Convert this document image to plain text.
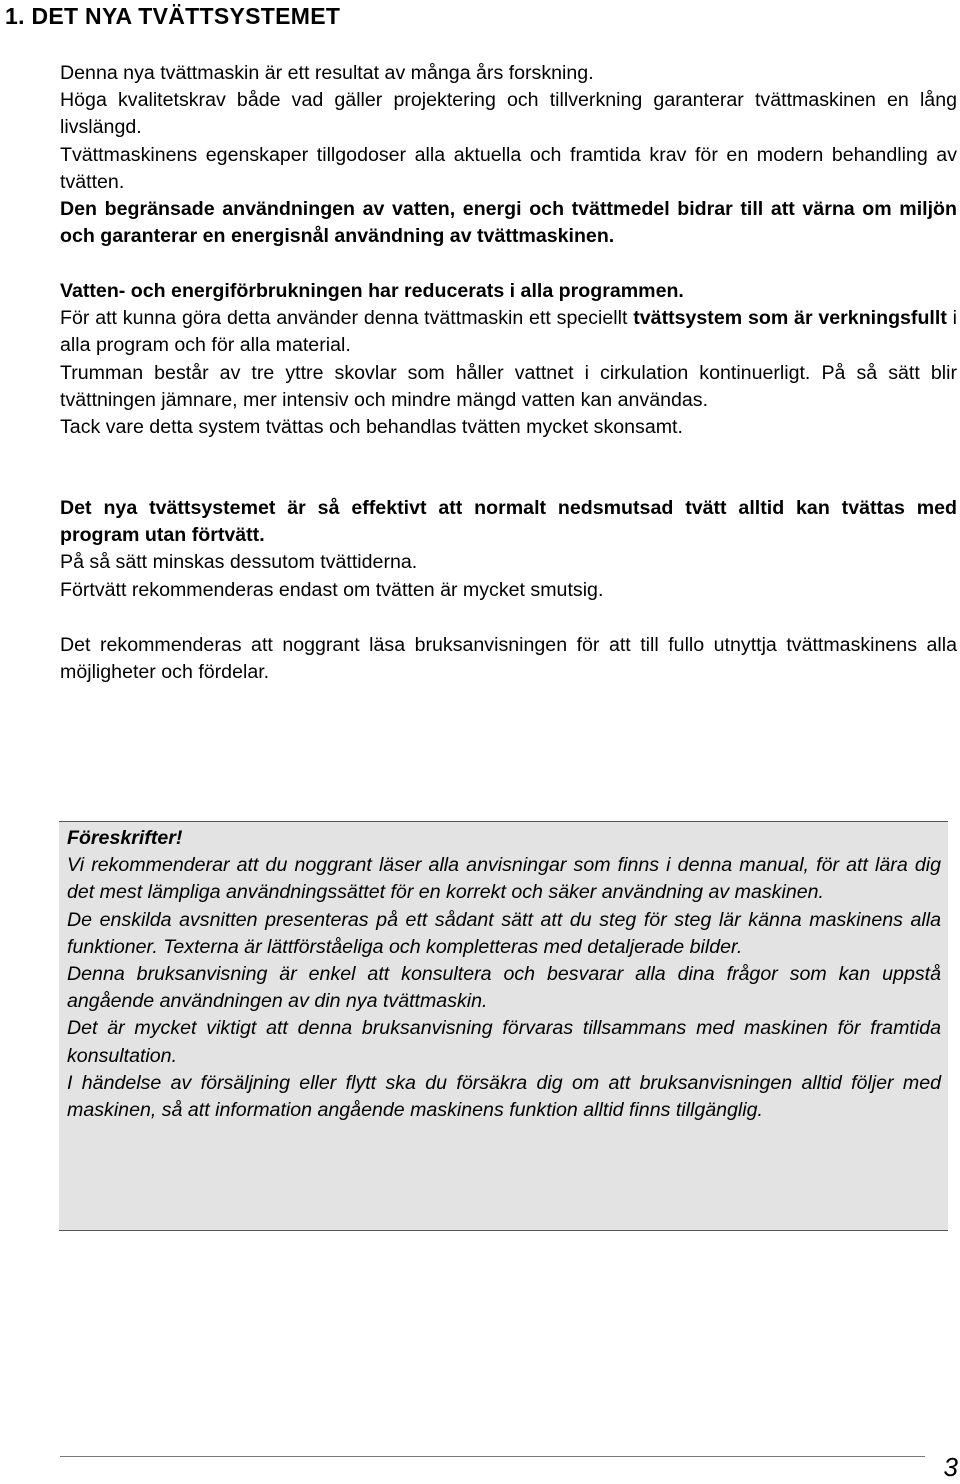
1. DET NYA TVÄTTSYSTEMET

Denna nya tvättmaskin är ett resultat av många års forskning.

Höga kvalitetskrav både vad gäller projektering och tillverkning garanterar tvättmaskinen en lång livslängd.

Tvättmaskinens egenskaper tillgodoser alla aktuella och framtida krav för en modern behandling av tvätten.

Den begränsade användningen av vatten, energi och tvättmedel bidrar till att värna om miljön och garanterar en energisnål användning av tvättmaskinen.

Vatten- och energiförbrukningen har reducerats i alla programmen.

För att kunna göra detta använder denna tvättmaskin ett speciellt tvättsystem som är verkningsfullt i alla program och för alla material.

Trumman består av tre yttre skovlar som håller vattnet i cirkulation kontinuerligt. På så sätt blir tvättningen jämnare, mer intensiv och mindre mängd vatten kan användas.

Tack vare detta system tvättas och behandlas tvätten mycket skonsamt.

Det nya tvättsystemet är så effektivt att normalt nedsmutsad tvätt alltid kan tvättas med program utan förtvätt.

På så sätt minskas dessutom tvättiderna.

Förtvätt rekommenderas endast om tvätten är mycket smutsig.

Det rekommenderas att noggrant läsa bruksanvisningen för att till fullo utnyttja tvättmaskinens alla möjligheter och fördelar.

Föreskrifter!

Vi rekommenderar att du noggrant läser alla anvisningar som finns i denna manual, för att lära dig det mest lämpliga användningssättet för en korrekt och säker användning av maskinen.

De enskilda avsnitten presenteras på ett sådant sätt att du steg för steg lär känna maskinens alla funktioner. Texterna är lättförståeliga och kompletteras med detaljerade bilder.

Denna bruksanvisning är enkel att konsultera och besvarar alla dina frågor som kan uppstå angående användningen av din nya tvättmaskin.

Det är mycket viktigt att denna bruksanvisning förvaras tillsammans med maskinen för framtida konsultation.

I händelse av försäljning eller flytt ska du försäkra dig om att bruksanvisningen alltid följer med maskinen, så att information angående maskinens funktion alltid finns tillgänglig.

3
